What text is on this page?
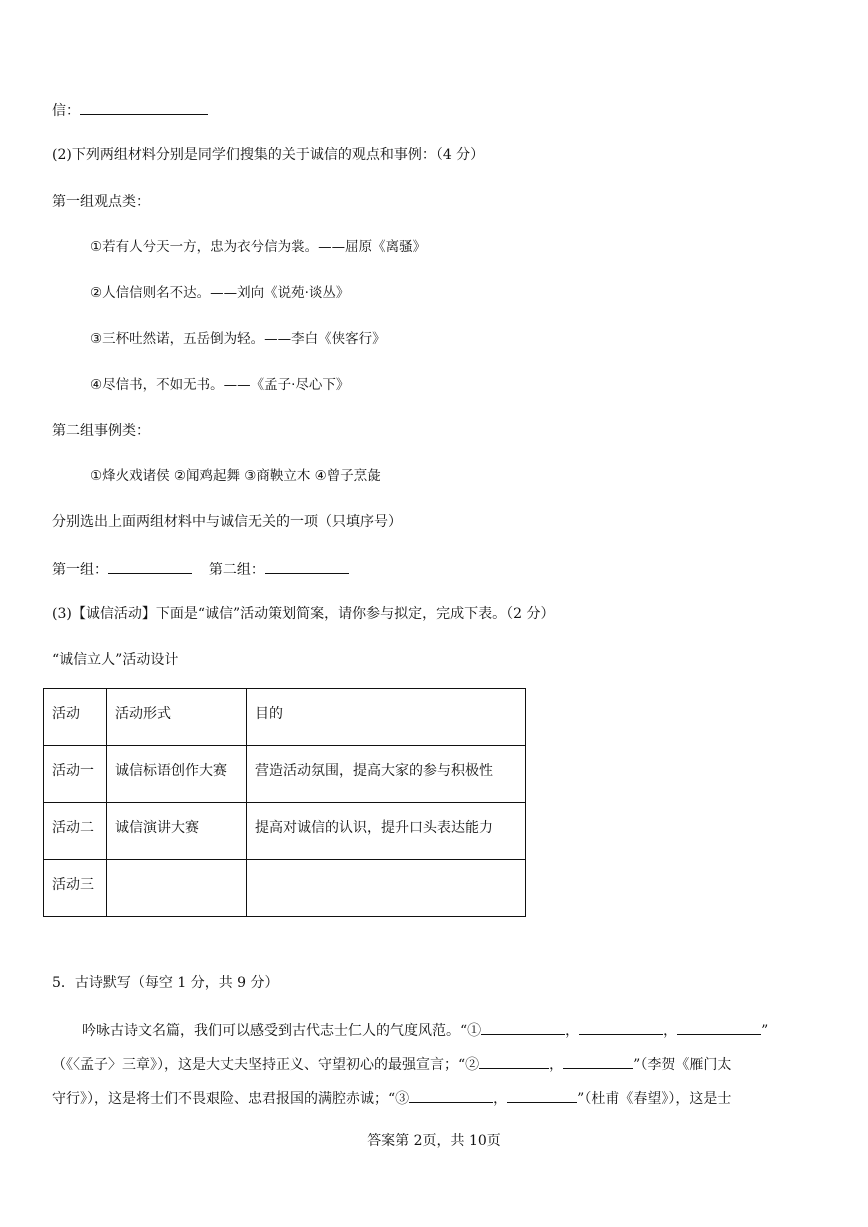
信：
(2)下列两组材料分别是同学们搜集的关于诚信的观点和事例：（4 分）
第一组观点类：
①若有人兮天一方，忠为衣兮信为裳。——屈原《离骚》
②人信信则名不达。——刘向《说苑·谈丛》
③三杯吐然诺，五岳倒为轻。——李白《侠客行》
④尽信书，不如无书。——《孟子·尽心下》
第二组事例类：
①烽火戏诸侯 ②闻鸡起舞 ③商鞅立木 ④曾子烹彘
分别选出上面两组材料中与诚信无关的一项（只填序号）
第一组：	第二组：
(3)【诚信活动】下面是“诚信”活动策划简案，请你参与拟定，完成下表。（2 分）
“诚信立人”活动设计
活动	活动形式	目的
活动一	诚信标语创作大赛	营造活动氛围，提高大家的参与积极性
活动二	诚信演讲大赛	提高对诚信的认识，提升口头表达能力
活动三		
5．古诗默写（每空 1 分，共 9 分）
吟咏古诗文名篇，我们可以感受到古代志士仁人的气度风范。“①	，	，	”
（《〈孟子〉三章》），这是大丈夫坚持正义、守望初心的最强宣言；“②	，	”（李贺《雁门太
守行》），这是将士们不畏艰险、忠君报国的满腔赤诚；“③	，	”（杜甫《春望》），这是士
答案第 2页，共 10页
